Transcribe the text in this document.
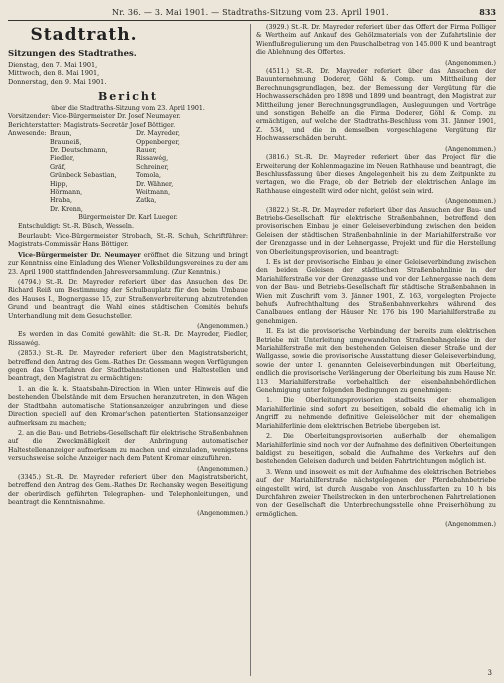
Nr. 36. — 3. Mai 1901. — Stadtraths-Sitzung vom 23. April 1901.	833
Stadtrath.
Sitzungen des Stadtrathes.
Dienstag, den 7. Mai 1901,
Mittwoch, den 8. Mai 1901,
Donnerstag, den 9. Mai 1901.
Bericht
über die Stadtraths-Sitzung vom 23. April 1901.
Vorsitzender: Vice-Bürgermeister Dr. Josef Neumayer.
Berichterstatter: Magistrats-Secretär Josef Böttiger.
Anwesende: Braun,	Dr. Mayreder,
Brauneiß,	Oppenberger,
Dr. Deutschmann,	Rauer,
Fiedler,	Rissawég,
Gräf,	Schreiner,
Grünbeck Sebastian,	Tomola,
Hipp,	Dr. Wähner,
Hörmann,	Weitmann,
Hraba,	Zatka,
Dr. Krenn,
Bürgermeister Dr. Karl Lueger.
Entschuldigt: St.-R. Büsch, Wesseln.
Beurlaubt: Vice-Bürgermeister Strobach, St.-R. Schuh, Schriftführer: Magistrats-Commissär Hans Böttiger.
Vice-Bürgermeister Dr. Neumayer eröffnet die Sitzung und bringt zur Kenntniss eine Einladung des Wiener Volksbildungsvereines zu der am 23. April 1900 stattfindenden Jahresversammlung. (Zur Kenntnis.)
(4794.) St.-R. Dr. Mayreder referiert über das Ansuchen des Dr. Richard Reiß um Bestimmung der Schulbauplatz für den beim Umbaue des Hauses I., Bognergasse 15, zur Straßenverbreiterung abzutretenden Grund und beantragt die Wahl eines städtischen Comités behufs Unterhandlung mit dem Gesuchsteller.
(Angenommen.)
Es werden in das Comité gewählt: die St.-R. Dr. Mayreder, Fiedler, Rissawég.
(2853.) St.-R. Dr. Mayreder referiert über den Magistratsbericht, betreffend den Antrag des Gem.-Rathes Dr. Gessmann wegen Verfügungen gegen das Überfahren der Stadtbahnstationen und Haltestellen und beantragt, den Magistrat zu ermächtigen:
1. an die k. k. Staatsbahn-Direction in Wien unter Hinweis auf die bestehenden Übelstände mit dem Ersuchen heranzutreten, in den Wägen der Stadtbahn automatische Stationsanzeiger anzubringen und diese Direction speciell auf den Kromar'schen patentierten Stationsanzeiger aufmerksam zu machen;
2. an die Bau- und Betriebs-Gesellschaft für elektrische Straßenbahnen auf die Zweckmäßigkeit der Anbringung automatischer Haltestellenanzeiger aufmerksam zu machen und einzuladen, wenigstens versuchsweise solche Anzeiger nach dem Patent Kromar einzuführen.
(Angenommen.)
(3345.) St.-R. Dr. Mayreder referiert über den Magistratsbericht, betreffend den Antrag des Gem.-Rathes Dr. Rechansky wegen Beseitigung der oberirdisch geführten Telegraphen- und Telephonleitungen, und beantragt die Kenntnisnahme.
(Angenommen.)
(3929.) St.-R. Dr. Mayreder referiert über das Offert der Firma Polliger & Wertheim auf Ankauf des Gehölzmaterials von der Zufahrtslinie der Wienflußregulierung um den Pauschalbetrag von 145.000 K und beantragt die Ablehnung des Offertes.
(Angenommen.)
(4511.) St.-R. Dr. Mayreder referiert über das Ansuchen der Bauunternehmung Doderer, Göhl & Comp. um Mittheilung der Berechnungsgrundlagen, bez. der Bemessung der Vergütung für die Hochwasserschäden pro 1898 und 1899 und beantragt, den Magistrat zur Mittheilung jener Berechnungsgrundlagen, Ausleguungen und Vorträge und sonstigen Behelfe an die Firma Doderer, Göhl & Comp. zu ermächtigen, auf welche der Stadtraths-Beschluss vom 31. Jänner 1901, Z. 534, und die in demselben vorgeschlagene Vergütung für Hochwasserschäden beruht.
(Angenommen.)
(3816.) St.-R. Dr. Mayreder referiert über das Project für die Erweiterung der Kohlenmagazine im Neuen Rathhause und beantragt, die Beschlussfassung über dieses Angelegenheit bis zu dem Zeitpunkte zu vertagen, wo die Frage, ob der Betrieb der elektrischen Anlage im Rathhause eingestellt wird oder nicht, gelöst sein wird.
(Angenommen.)
(3822.) St.-R. Dr. Mayreder referiert über das Ansuchen der Bau- und Betriebs-Gesellschaft für elektrische Straßenbahnen, betreffend den provisorischen Einbau je einer Geleiseverbindung zwischen den beiden Geleisen der städtischen Straßenbahnlinie in der Mariahilferstraße vor der Grenzgasse und in der Lehnergasse, Projekt und für die Herstellung von Oberleitungsprovisorien, und beantragt:
I. Es ist der provisorische Einbau je einer Geleiseverbindung zwischen den beiden Geleisen der städtischen Straßenbahnlinie in der Mariahilferstraße vor der Grenzgasse und vor der Lehnergasse nach dem von der Bau- und Betriebs-Gesellschaft für städtische Straßenbahnen in Wien mit Zuschrift vom 3. Jänner 1901, Z. 163, vorgelegten Projecte behufs Aufrechthaltung des Straßenbahnverkehrs während des Canalbaues entlang der Häuser Nr. 176 bis 190 Mariahilferstraße zu genehmigen.
II. Es ist die provisorische Verbindung der bereits zum elektrischen Betriebe mit Unterleitung umgewandelten Straßenbahngeleise in der Mariahilferstraße mit den bestehenden Geleisen dieser Straße und der Wallgasse, sowie die provisorische Ausstattung dieser Geleiseverbindung, sowie der unter I. genannten Geleiseverbindungen mit Oberleitung, endlich die provisorische Verlängerung der Oberleitung bis zum Hause Nr. 113 Mariahilferstraße vorbehaltlich der eisenbahnbehördlichen Genehmigung unter folgenden Bedingungen zu genehmigen:
1. Die Oberleitungsprovisorien stadtseits der ehemaligen Mariahilferlinie sind sofort zu beseitigen, sobald die ehemalig ich in Angriff zu nehmende definitive Geleiselöcher mit der ehemaligen Mariahilferlinie dem elektrischen Betriebe übergeben ist.
2. Die Oberleitungsprovisorien außerhalb der ehemaligen Mariahilferlinie sind noch vor der Aufnahme des definitiven Oberleitungen baldigst zu beseitigen, sobald die Aufnahme des Verkehrs auf den bestehenden Geleisen dadurch und beiden Fahrtrichtungen möglich ist.
3. Wenn und insoweit es mit der Aufnahme des elektrischen Betriebes auf der Mariahilferstraße nächstgelegenen der Pferdebahnbetriebe eingestellt wird, ist durch Ausgabe von Anschlussfarten zu 10 h bis Durchfahren zweier Theilstrecken in den unterbrochenen Fahrtrelationen von der Gesellschaft die Unterbrechungsstelle ohne Preiserhöhung zu ermöglichen.
(Angenommen.)
3
